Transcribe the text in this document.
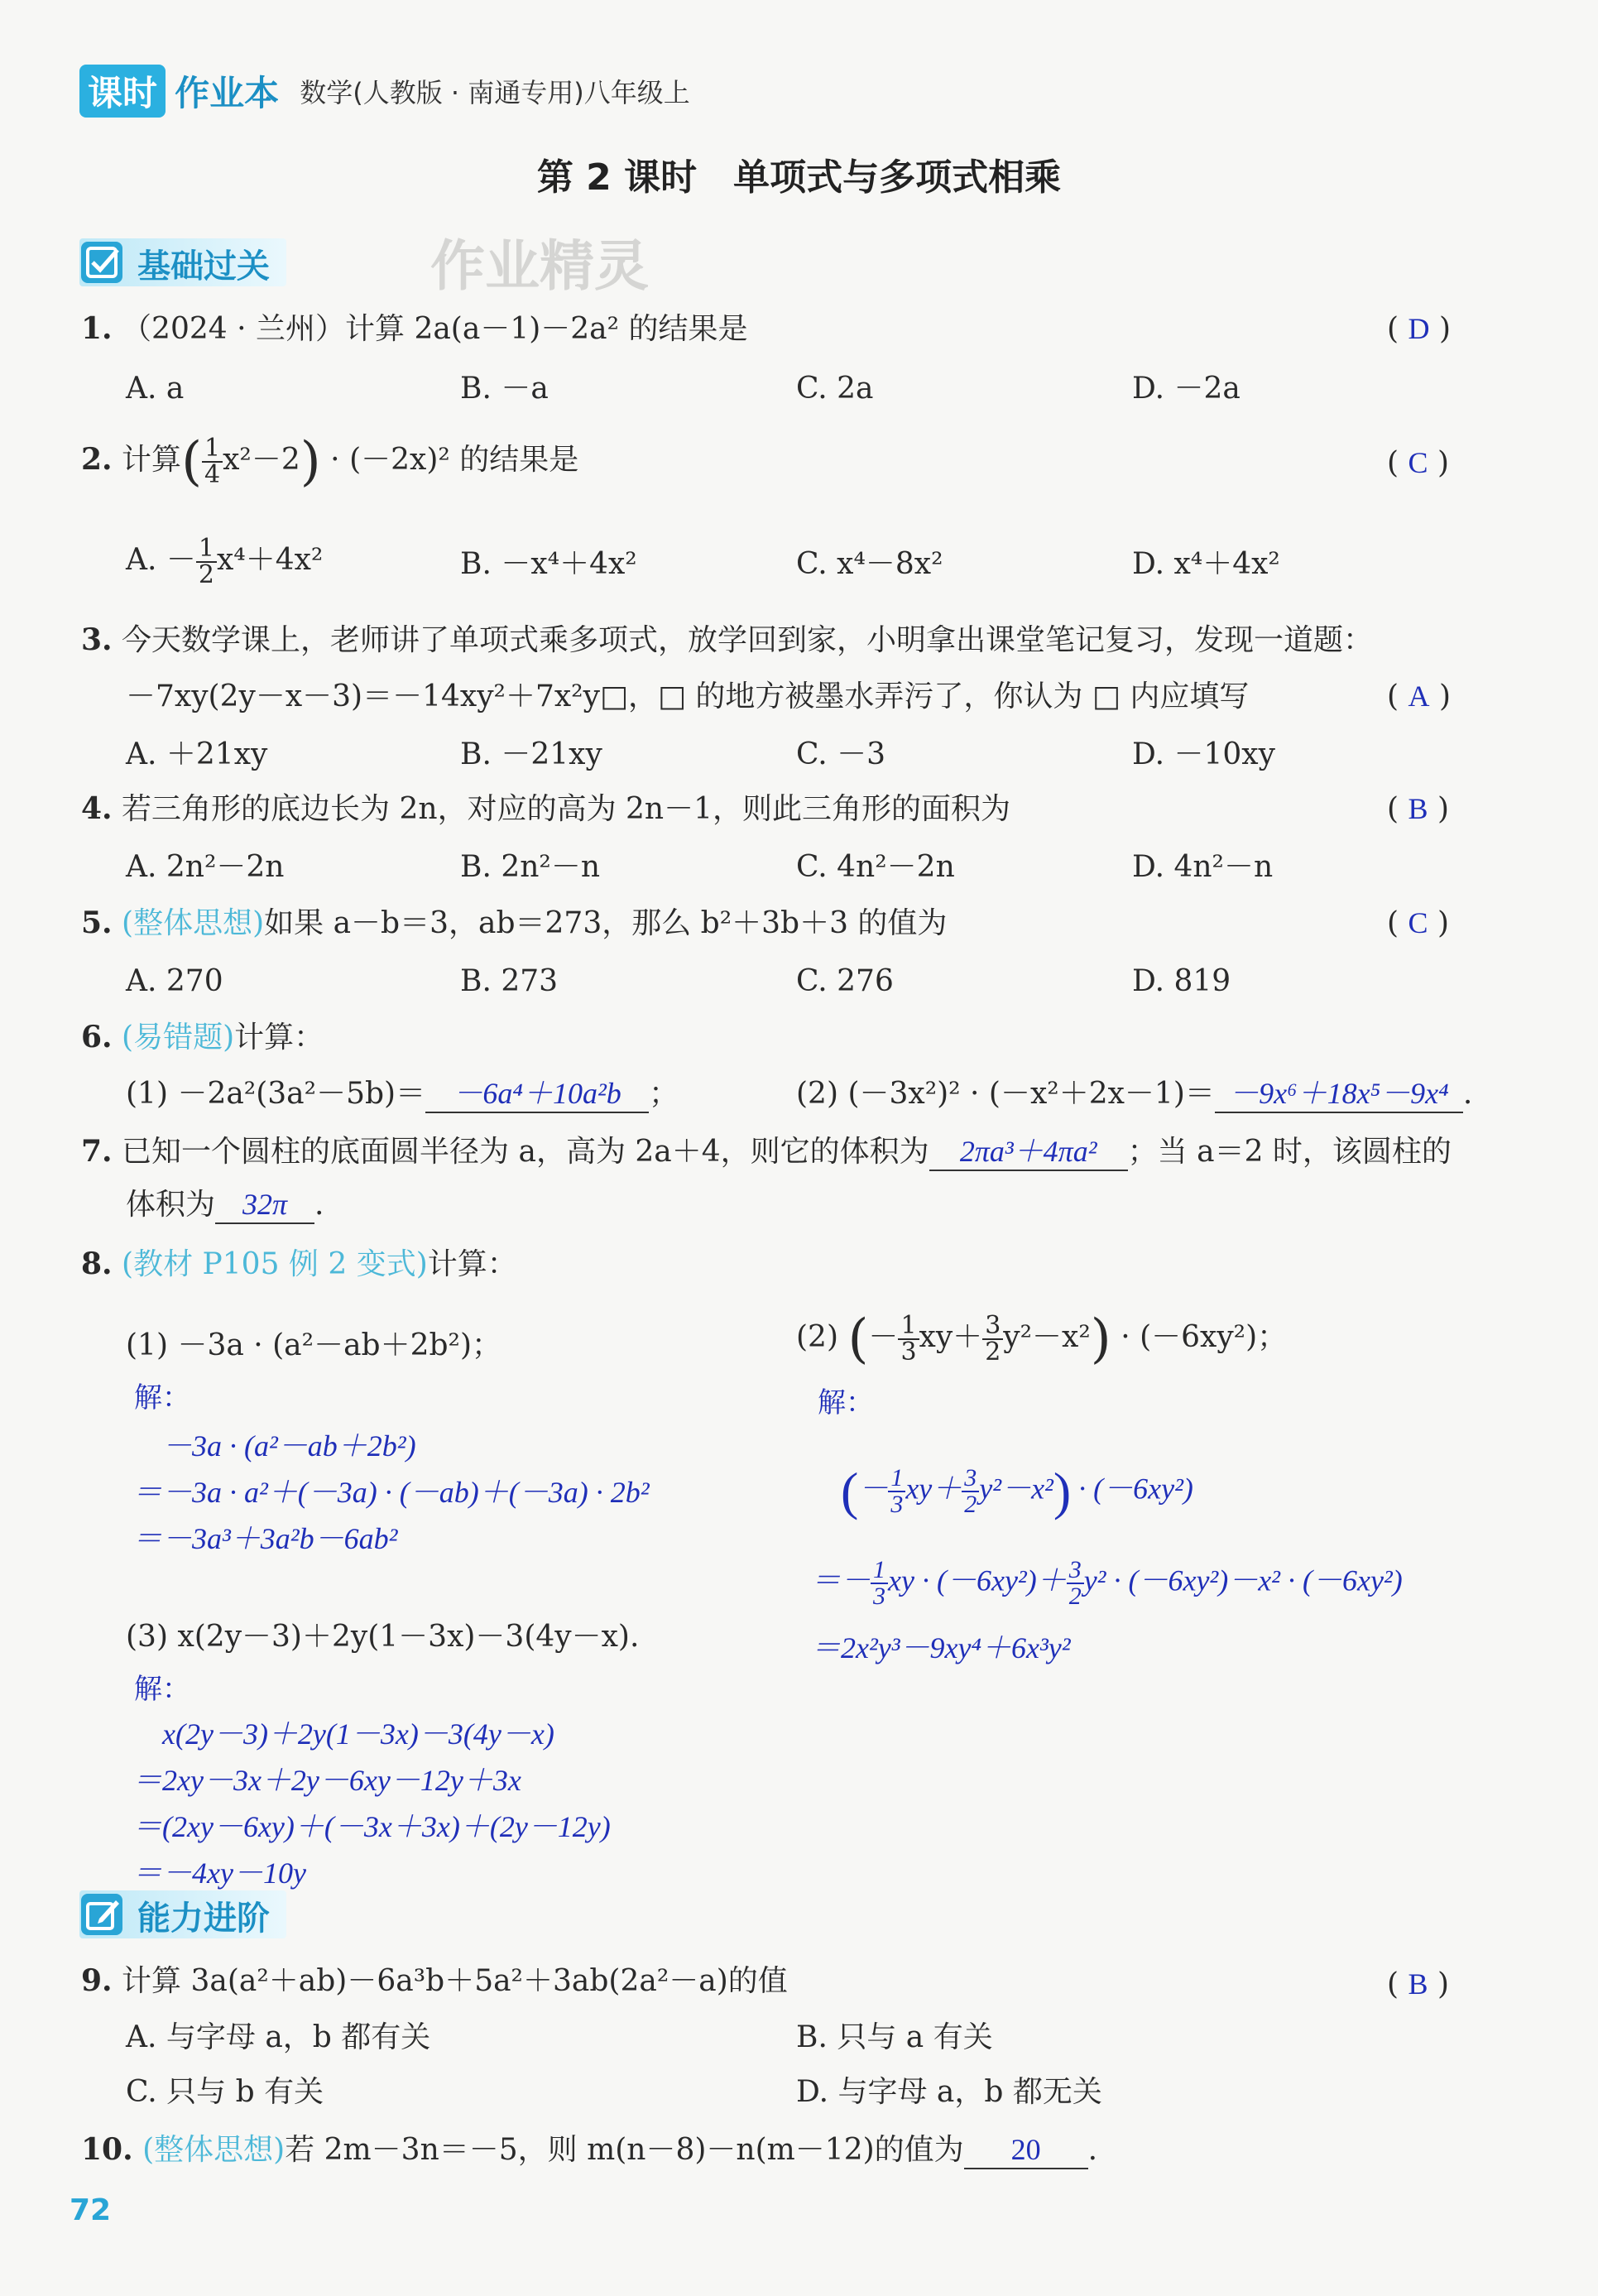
课时 作业本 数学(人教版 · 南通专用)八年级上
第 2 课时　单项式与多项式相乘
基础过关	作业精灵
1. （2024 · 兰州）计算 2a(a－1)－2a² 的结果是	( D )
A. a	B. －a	C. 2a	D. －2a
2. 计算( $\frac{1}{4} x^2-2) \cdot (-2x)^2$ 的结果是	( C )
A. － $\frac{1}{2} x^4+4x^2$	B. －x⁴＋4x²	C. x⁴－8x²	D. x⁴＋4x²
3. 今天数学课上，老师讲了单项式乘多项式，放学回到家，小明拿出课堂笔记复习，发现一道题：
－7xy(2y－x－3)＝－14xy²＋7x²y□，□ 的地方被墨水弄污了，你认为 □ 内应填写	( A )
A. ＋21xy	B. －21xy	C. －3	D. －10xy
4. 若三角形的底边长为 2n，对应的高为 2n－1，则此三角形的面积为	( B )
A. 2n²－2n	B. 2n²－n	C. 4n²－2n	D. 4n²－n
5. (整体思想)如果 a－b＝3，ab＝273，那么 b²＋3b＋3 的值为	( C )
A. 270	B. 273	C. 276	D. 819
6. (易错题)计算：
(1) －2a²(3a²－5b)＝ －6a⁴＋10a²b ；	(2) (－3x²)² · (－x²＋2x－1)＝ －9x⁶＋18x⁵－9x⁴ .
7. 已知一个圆柱的底面圆半径为 a，高为 2a＋4，则它的体积为 2πa³＋4πa² ；当 a＝2 时，该圆柱的
体积为 32π .
8. (教材 P105 例 2 变式)计算：
(1) －3a · (a²－ab＋2b²)；
解：
－3a · (a²－ab＋2b²)
＝－3a · a²＋(－3a) · (－ab)＋(－3a) · 2b²
＝－3a³＋3a²b－6ab²
(2) (－ $\frac{1}{3} xy+ \frac{3}{2} y^2-x^2) \cdot (-6xy^2)$；
解：
(－ $\frac{1}{3} xy+ \frac{3}{2} y^2-x^2) \cdot (-6xy^2)$
＝－ $\frac{1}{3}$ xy · $(-6xy^2)+ \frac{3}{2} y^2 \cdot (-6xy^2)-x^2 \cdot (-6xy^2)$
＝2x²y³－9xy⁴＋6x³y²
(3) x(2y－3)＋2y(1－3x)－3(4y－x).
解：
x(2y－3)＋2y(1－3x)－3(4y－x)
＝2xy－3x＋2y－6xy－12y＋3x
＝(2xy－6xy)＋(－3x＋3x)＋(2y－12y)
＝－4xy－10y
能力进阶
9. 计算 3a(a²＋ab)－6a³b＋5a²＋3ab(2a²－a)的值	( B )
A. 与字母 a，b 都有关	B. 只与 a 有关
C. 只与 b 有关	D. 与字母 a，b 都无关
10. (整体思想)若 2m－3n＝－5，则 m(n－8)－n(m－12)的值为 20 .
72
